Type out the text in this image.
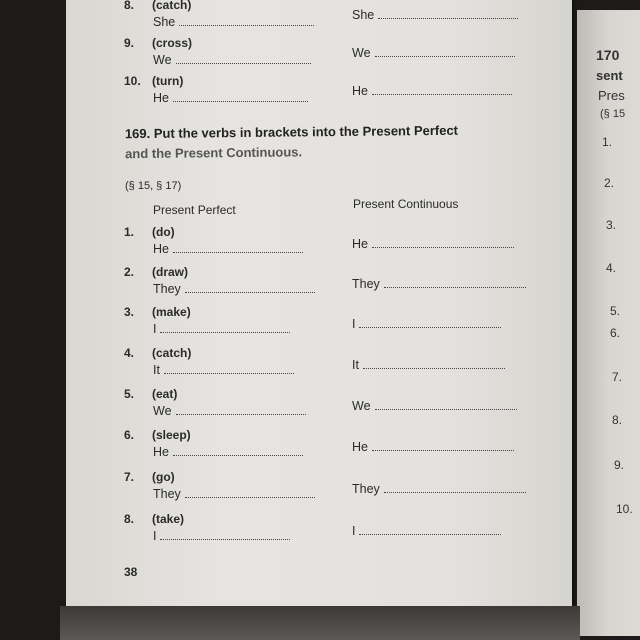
8. (catch)
She	She
9. (cross)
We	We
10. (turn)
He	He
169. Put the verbs in brackets into the Present Perfect
and the Present Continuous.
(§ 15, § 17)
Present Perfect	Present Continuous
1. (do)
He	He
2. (draw)
They	They
3. (make)
I	I
4. (catch)
It	It
5. (eat)
We	We
6. (sleep)
He	He
7. (go)
They	They
8. (take)
I	I
38
170
sent
Pres
(§ 15
1.
2.
3.
4.
5.
6.
7.
8.
9.
10.
